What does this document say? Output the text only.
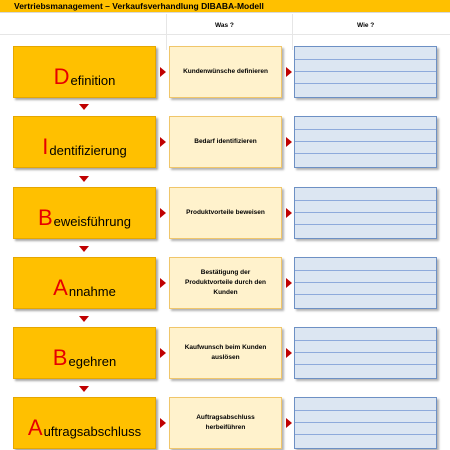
Vertriebsmanagement – Verkaufsverhandlung DIBABA-Modell
Was ?	Wie ?
D efinition
Kundenwünsche definieren
I dentifizierung
Bedarf identifizieren
B eweisführung
Produktvorteile beweisen
A nnahme
Bestätigung der Produktvorteile durch den Kunden
B egehren
Kaufwunsch beim Kunden auslösen
A uftragsabschluss
Auftragsabschluss herbeiführen
